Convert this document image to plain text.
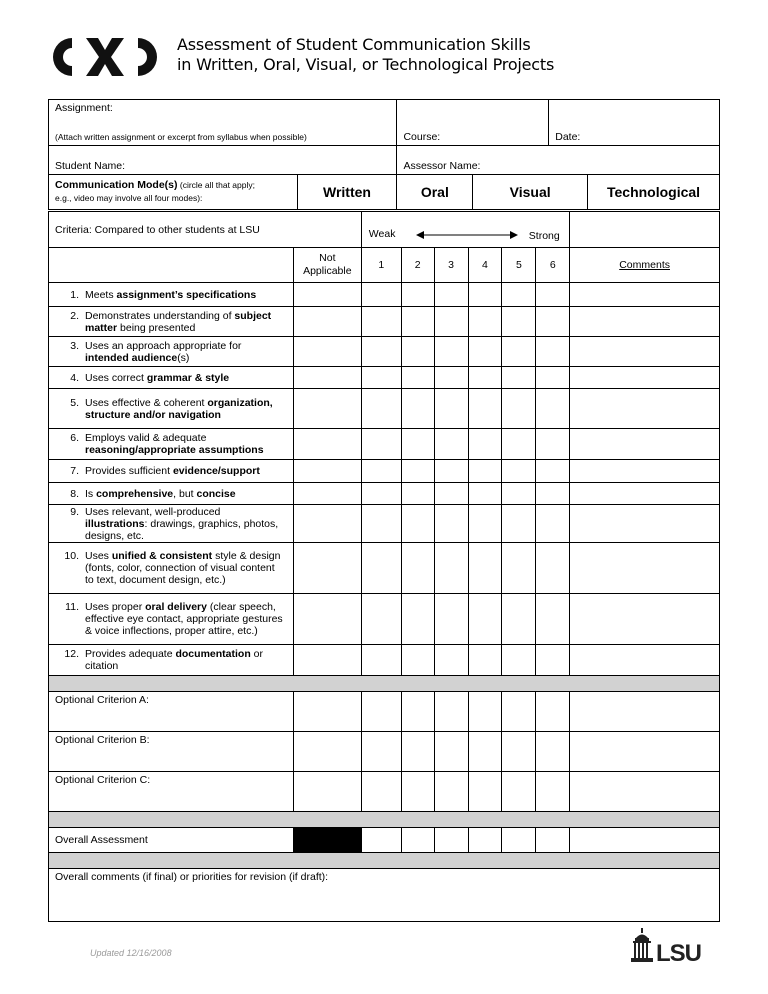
Assessment of Student Communication Skills
in Written, Oral, Visual, or Technological Projects
Assignment:
(Attach written assignment or excerpt from syllabus when possible)	Course:	Date:
Student Name:	Assessor Name:	
Communication Mode(s) (circle all that apply;
e.g., video may involve all four modes):	Written	Oral	Visual	Technological
Criteria: Compared to other students at LSU		Weak Strong						

	Not
Applicable	1	2	3	4	5	6	Comments
1. Meets assignment’s specifications								
2. Demonstrates understanding of subject matter being presented								
3. Uses an approach appropriate for intended audience(s)								
4. Uses correct grammar & style								
5. Uses effective & coherent organization, structure and/or navigation								
6. Employs valid & adequate reasoning/appropriate assumptions								
7. Provides sufficient evidence/support								
8. Is comprehensive, but concise								
9. Uses relevant, well-produced illustrations: drawings, graphics, photos, designs, etc.								
10. Uses unified & consistent style & design (fonts, color, connection of visual content to text, document design, etc.)								
11. Uses proper oral delivery (clear speech, effective eye contact, appropriate gestures & voice inflections, proper attire, etc.)								
12. Provides adequate documentation or citation								

Optional Criterion A:								
Optional Criterion B:								
Optional Criterion C:								

Overall Assessment								

Overall comments (if final) or priorities for revision (if draft):								
Updated 12/16/2008	LSU
